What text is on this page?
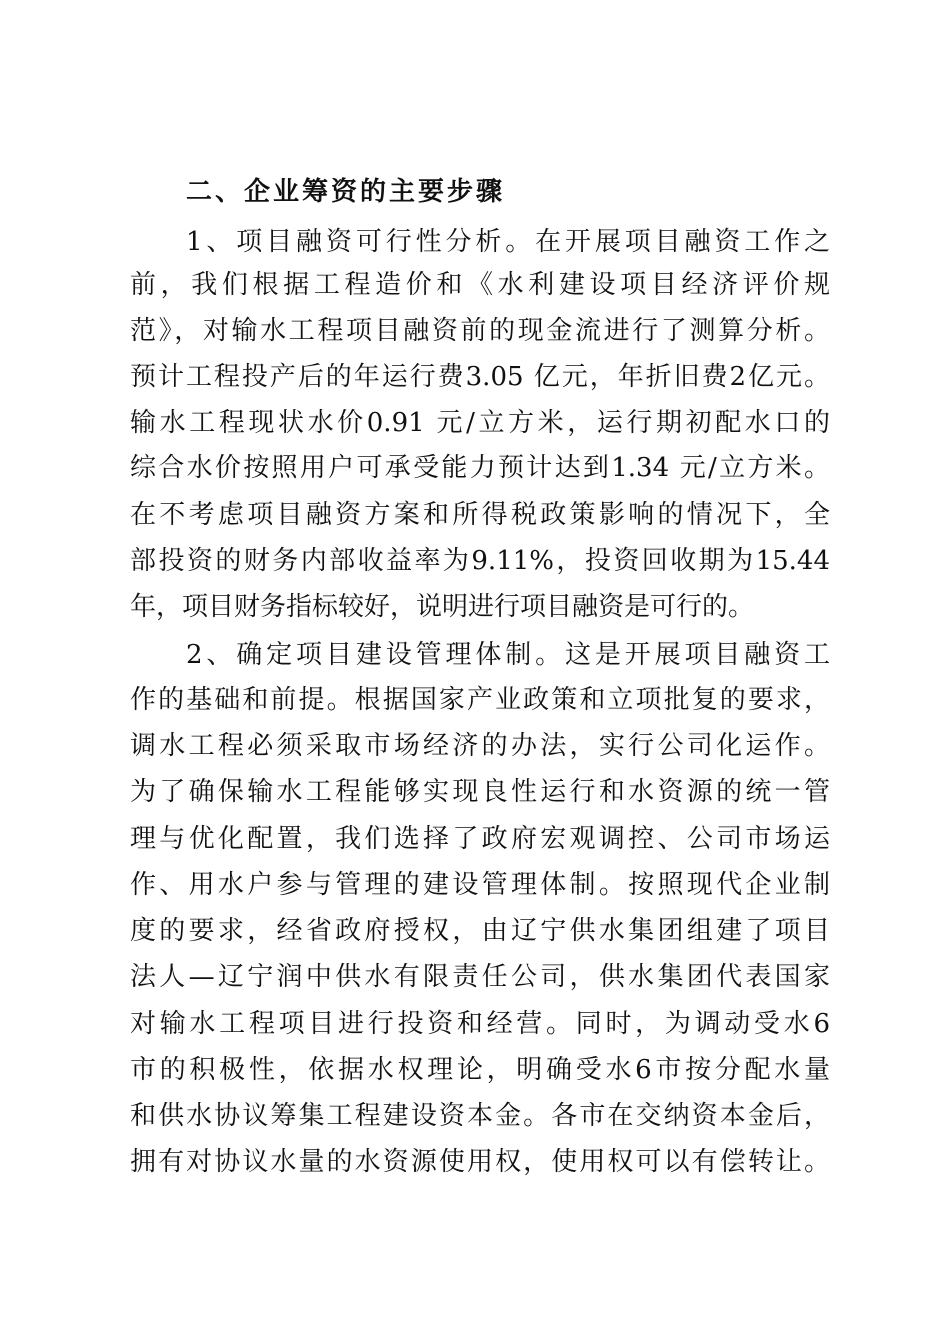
二、企业筹资的主要步骤
1、项目融资可行性分析。在开展项目融资工作之
前，我们根据工程造价和《水利建设项目经济评价规
范》，对输水工程项目融资前的现金流进行了测算分析。
预计工程投产后的年运行费3.05 亿元，年折旧费2亿元。
输水工程现状水价0.91 元/立方米，运行期初配水口的
综合水价按照用户可承受能力预计达到1.34 元/立方米。
在不考虑项目融资方案和所得税政策影响的情况下，全
部投资的财务内部收益率为9.11%，投资回收期为15.44
年，项目财务指标较好，说明进行项目融资是可行的。
2、确定项目建设管理体制。这是开展项目融资工
作的基础和前提。根据国家产业政策和立项批复的要求，
调水工程必须采取市场经济的办法，实行公司化运作。
为了确保输水工程能够实现良性运行和水资源的统一管
理与优化配置，我们选择了政府宏观调控、公司市场运
作、用水户参与管理的建设管理体制。按照现代企业制
度的要求，经省政府授权，由辽宁供水集团组建了项目
法人—辽宁润中供水有限责任公司，供水集团代表国家
对输水工程项目进行投资和经营。同时，为调动受水6
市的积极性，依据水权理论，明确受水6市按分配水量
和供水协议筹集工程建设资本金。各市在交纳资本金后，
拥有对协议水量的水资源使用权，使用权可以有偿转让。
